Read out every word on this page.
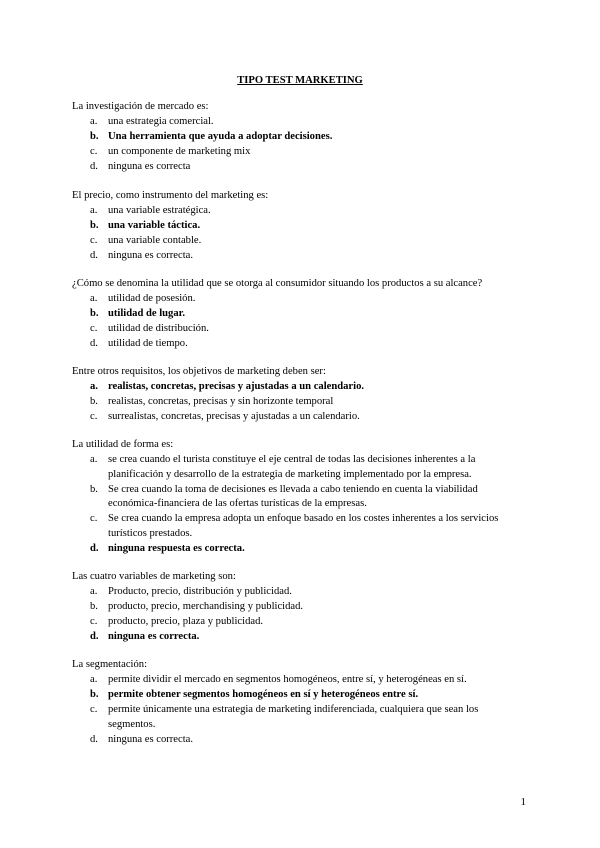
TIPO TEST MARKETING
La investigación de mercado es:
a. una estrategia comercial.
b. Una herramienta que ayuda a adoptar decisiones.
c. un componente de marketing mix
d. ninguna es correcta
El precio, como instrumento del marketing es:
a. una variable estratégica.
b. una variable táctica.
c. una variable contable.
d. ninguna es correcta.
¿Cómo se denomina la utilidad que se otorga al consumidor situando los productos a su alcance?
a. utilidad de posesión.
b. utilidad de lugar.
c. utilidad de distribución.
d. utilidad de tiempo.
Entre otros requisitos, los objetivos de marketing deben ser:
a. realistas, concretas, precisas y ajustadas a un calendario.
b. realistas, concretas, precisas y sin horizonte temporal
c. surrealistas, concretas, precisas y ajustadas a un calendario.
La utilidad de forma es:
a. se crea cuando el turista constituye el eje central de todas las decisiones inherentes a la planificación y desarrollo de la estrategia de marketing implementado por la empresa.
b. Se crea cuando la toma de decisiones es llevada a cabo teniendo en cuenta la viabilidad económica-financiera de las ofertas turísticas de la empresas.
c. Se crea cuando la empresa adopta un enfoque basado en los costes inherentes a los servicios turísticos prestados.
d. ninguna respuesta es correcta.
Las cuatro variables de marketing son:
a. Producto, precio, distribución y publicidad.
b. producto, precio, merchandising y publicidad.
c. producto, precio, plaza y publicidad.
d. ninguna es correcta.
La segmentación:
a. permite dividir el mercado en segmentos homogéneos, entre sí, y heterogéneas en sí.
b. permite obtener segmentos homogéneos en sí y heterogéneos entre sí.
c. permite únicamente una estrategia de marketing indiferenciada, cualquiera que sean los segmentos.
d. ninguna es correcta.
1
